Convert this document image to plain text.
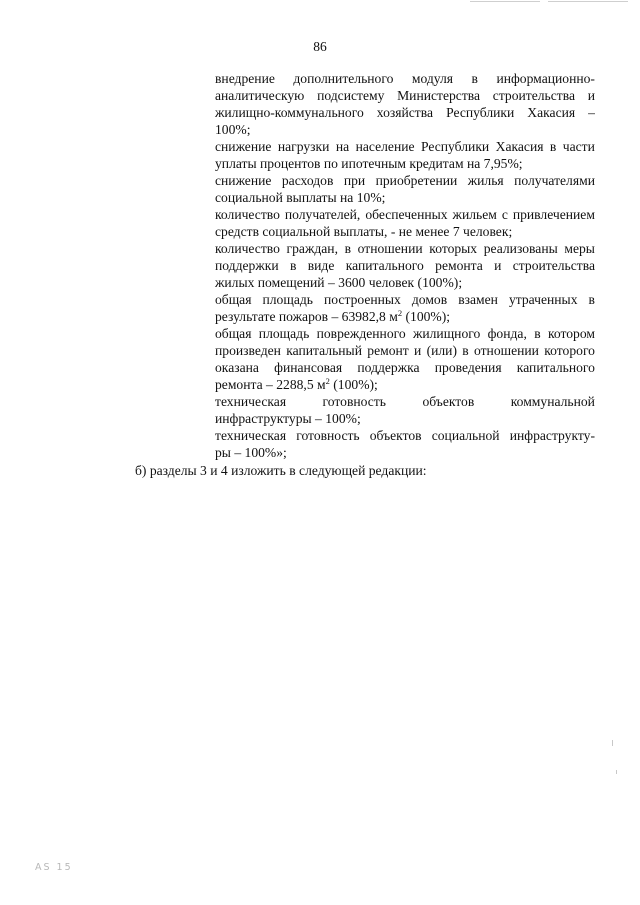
86
внедрение дополнительного модуля в информационно-
аналитическую подсистему Министерства строительства и
жилищно-коммунального хозяйства Республики Хакасия –
100%;
снижение нагрузки на население Республики Хакасия в части
уплаты процентов по ипотечным кредитам на 7,95%;
снижение расходов при приобретении жилья получателями
социальной выплаты на 10%;
количество получателей, обеспеченных жильем с привлечением
средств социальной выплаты, - не менее 7 человек;
количество граждан, в отношении которых реализованы меры
поддержки в виде капитального ремонта и строительства
жилых помещений – 3600 человек (100%);
общая площадь построенных домов взамен утраченных в
результате пожаров – 63982,8 $м^2$ (100%);
общая площадь поврежденного жилищного фонда, в котором
произведен капитальный ремонт и (или) в отношении которого
оказана финансовая поддержка проведения капитального
ремонта – 2288,5 $м^2$ (100%);
техническая	готовность	объектов	коммунальной
инфраструктуры – 100%;
техническая готовность объектов социальной инфраструкту-
ры – 100%»;
б) разделы 3 и 4 изложить в следующей редакции:
AS 15
